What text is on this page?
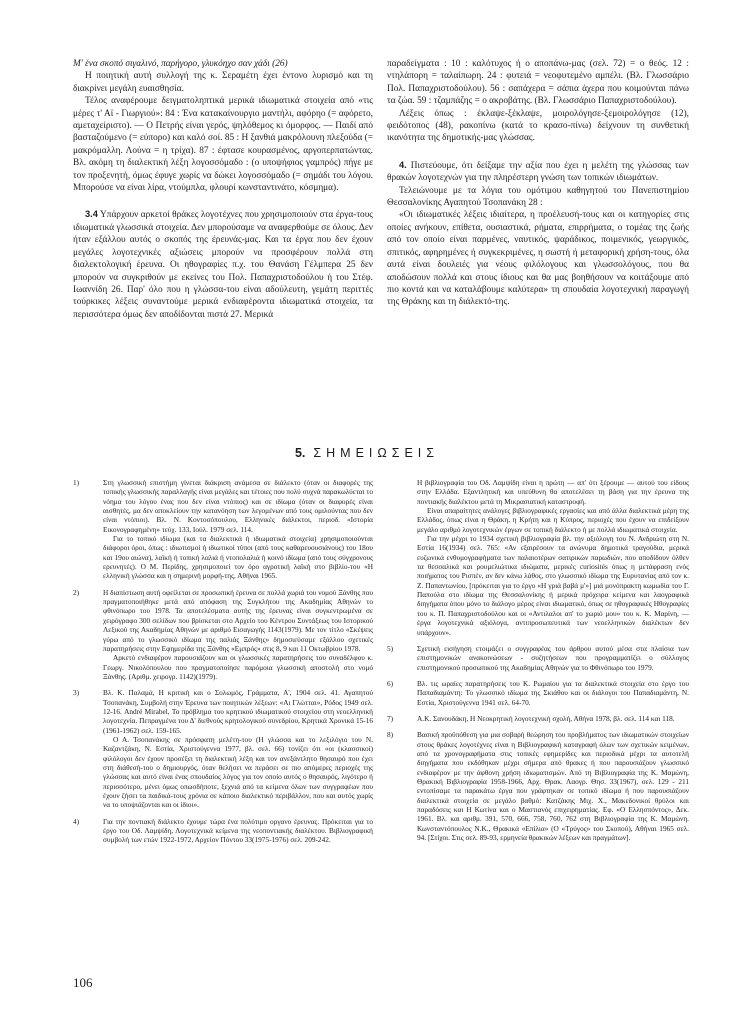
Μ' ένα σκοπό σιγαλινό, παρήγορο, γλυκόηχο σαν χάδι (26)

Η ποιητική αυτή συλλογή της κ. Σεραμέτη έχει έντονο λυρισμό και τη διακρίνει μεγάλη ευαισθησία.

Τέλος αναφέρουμε δειγματοληπτικά μερικά ιδιωματικά στοιχεία από «τις μέρες τ' Αϊ - Γιωργιού»: 84 : Ένα κατακαίνουργιο μαντήλι, αφόρηο (= αφόρετο, αμεταχείριστο). — Ο Πετρής είναι γερός, ψηλόθεμος κι όμορφος. — Παιδί από βασταζούμενο (= εύπορο) και καλό σοί. 85 : Η ξανθιά μακρόλουνη πλεξούδα (= μακρόμαλλη. Λούνα = η τρίχα). 87 : έφτασε κουρασμένος, αργοπερπατώντας. Βλ. ακόμη τη διαλεκτική λέξη λογοσσόμαδο : (ο υποψήφιος γαμπρός) πήγε με τον προξενητή, όμως έφυγε χωρίς να δώκει λογοσσόμαδο (= σημάδι του λόγου. Μπορούσε να είναι λίρα, ντούμπλα, φλουρί κωνσταντινάτο, κόσμημα).

3.4 Υπάρχουν αρκετοί θράκες λογοτέχνες που χρησιμοποιούν στα έργα-τους ιδιωματικά γλωσσικά στοιχεία. Δεν μπορούσαμε να αναφερθούμε σε όλους. Δεν ήταν εξάλλου αυτός ο σκοπός της έρευνάς-μας. Και τα έργα που δεν έχουν μεγάλες λογοτεχνικές αξιώσεις μπορούν να προσφέρουν πολλά στη διαλεκτολογική έρευνα. Οι ηθογραφίες π.χ. του Θανάση Γέλμπερα 25 δεν μπορούν να συγκριθούν με εκείνες του Πολ. Παπαχριστοδούλου ή του Στέφ. Ιωαννίδη 26. Παρ' όλο που η γλώσσα-του είναι αδούλευτη, γεμάτη περιττές τούρκικες λέξεις συναντούμε μερικά ενδιαφέροντα ιδιωματικά στοιχεία, τα περισσότερα όμως δεν αποδίδονται πιστά 27. Μερικά

παραδείγματα : 10 : καλότυχος ή ο αποπάνω-μας (σελ. 72) = ο θεός. 12 : ντηλάπορη = ταλαίπωρη. 24 : φυτειά = νεοφυτεμένο αμπέλι. (Βλ. Γλωσσάριο Πολ. Παπαχριστοδούλου). 56 : σαπάχερα = σάπια άχερα που κοιμούνται πάνω τα ζώα. 59 : τζαμπάζης = ο ακροβάτης. (Βλ. Γλωσσάριο Παπαχριστοδούλου).

Λέξεις όπως : έκλαψε-ξέκλαψε, μοιρολόγησε-ξεμοιρολόγησε (12), φειδότοπος (48), ρακοπίνω (κατά το κρασο-πίνω) δείχνουν τη συνθετική ικανότητα της δημοτικής-μας γλώσσας.

4. Πιστεύουμε, ότι δείξαμε την αξία που έχει η μελέτη της γλώσσας των θρακών λογοτεχνών για την πληρέστερη γνώση των τοπικών ιδιωμάτων.

Τελειώνουμε με τα λόγια του ομότιμου καθηγητού του Πανεπιστημίου Θεσσαλονίκης Αγαπητού Τσοπανάκη 28 :

«Οι ιδιωματικές λέξεις ιδιαίτερα, η προέλευσή-τους και οι κατηγορίες στις οποίες ανήκουν, επίθετα, ουσιαστικά, ρήματα, επιρρήματα, ο τομέας της ζωής από τον οποίο είναι παρμένες, ναυτικός, ψαράδικος, ποιμενικός, γεωργικός, σπιτικός, αφηρημένες ή συγκεκριμένες, η σωστή ή μεταφορική χρήση-τους, όλα αυτά είναι δουλειές για νέους φιλόλογους και γλωσσολόγους, που θα αποδώσουν πολλά και στους ίδιους και θα μας βοηθήσουν να κοιτάξουμε από πιο κοντά και να καταλάβουμε καλύτερα» τη σπουδαία λογοτεχνική παραγωγή της Θράκης και τη διάλεκτό-της.

5. ΣΗΜΕΙΩΣΕΙΣ
1)	Στη γλωσσική επιστήμη γίνεται διάκριση ανάμεσα σε διάλεκτο (όταν οι διαφορές της τοπικής γλωσσικής παραλλαγής είναι μεγάλες και τέτοιες που πολύ συχνά παρακωλύεται το νόημα του λόγου ένας που δεν είναι ντόπιος) και σε ιδίωμα (όταν οι διαφορές είναι αισθητές, μα δεν αποκλείουν την κατανόηση των λεγομένων από τους ομιλούντας που δεν είναι ντόπιοι). Βλ. Ν. Κοντοσόπουλου, Ελληνικές διάλεκτοι, περιοδ. «Ιστορία Εικονογραφημένη» τεύχ. 133, Ιούλ. 1979 σελ. 114.

Για το τοπικό ιδίωμα (και τα διαλεκτικά ή ιδιωματικά στοιχεία) χρησιμοποιούνται διάφοροι όροι, όπως : ιδιωτισμοί ή ιδιωτικοί τύποι (από τους καθαρευουσιάνους) του 18ου και 19ου αιώνα), λαϊκή ή τοπική λαλιά ή ντοπολαλιά ή κοινό ιδίωμα (από τους σύγχρονους ερευνητές). Ο Μ. Περίδης, χρησιμοποιεί τον όρο αγροτική λαϊκή στο βιβλίο-του «Η ελληνική γλώσσα και η σημερινή μορφή-της, Αθήναι 1965.

2)	Η διαπίστωση αυτή οφείλεται σε προσωπική έρευνα σε πολλά χωριά του νομού Ξάνθης που πραγματοποιήθηκε μετά από απόφαση της Συγκλήτου της Ακαδημίας Αθηνών το φθινόπωρο του 1978. Τα αποτελέσματα αυτής της έρευνας είναι συγκεντρωμένα σε χειρόγραφο 300 σελίδων που βρίσκεται στο Αρχείο του Κέντρου Συντάξεως του Ιστορικού Λεξικού της Ακαδημίας Αθηνών με αριθμό Εισαγωγής 1143(1979). Με τον τίτλο «Σκέψεις γύρω από το γλωσσικό ιδίωμα της παλιάς Ξάνθης» δημοσιεύσαμε εξάλλου σχετικές παρατηρήσεις στην Εφημερίδα της Ξάνθης «Εμπρός» στις 8, 9 και 11 Οκτωβρίου 1978.

Αρκετό ενδιαφέρον παρουσιάζουν και οι γλωσσικές παρατηρήσεις του συναδέλφου κ. Γεωργ. Νικολόπουλου που πραγματοποίησε παρόμοια γλωσσική αποστολή στο νομό Ξάνθης. (Αριθμ. χειρογρ. 1142)(1979).

3)	Βλ. Κ. Παλαμά, Η κριτική και ο Σολωμός, Γράμματα, Α', 1904 σελ. 41. Αγαπητού Τσοπανάκη, Συμβολή στην Έρευνα των ποιητικών λέξεων: «Αι Γλώτται», Ρόδος 1949 σελ. 12-16. André Mirabel, Το πρόβλημα του κρητικού ιδιωματικού στοιχείου στη νεοελληνική λογοτεχνία. Πεπραγμένα του Δ' διεθνούς κρητολογικού συνεδρίου, Κρητικά Χρονικά 15-16 (1961-1962) σελ. 159-165.

Ο Α. Τσοπανάκης σε πρόσφατη μελέτη-του (Η γλώσσα και το λεξιλόγιο του Ν. Καζαντζάκη, Ν. Εστία, Χριστούγεννα 1977, βλ. σελ. 66) τονίζει ότι «οι (κλασσικοί) φιλόλογοι δεν έχουν προσέξει τη διαλεκτική λέξη και τον ανεξάντλητο θησαυρό που έχει στη διάθεσή-του ο δημιουργός, όταν θελήσει να περάσει σε πιο απόμερες περιοχές της γλώσσας και αυτό είναι ένας σπουδαίος λόγος για τον οποίο αυτός ο θησαυρός, λιγότερο ή περισσότερο, μένει όμως οπωσδήποτε, ξεχνιά από τα κείμενα όλων των συγγραφέων που έχουν ζήσει τα παιδικά-τους χρόνια σε κάποιο διαλεκτικό περιβάλλον, που και αυτός χωρίς να το υποψιάζονται και οι ίδιοι».

4)	Για την ποντιακή διάλεκτο έχουμε τώρα ένα πολύτιμο οργανο έρευνας. Πρόκειται για το έργο του Οδ. Λαμψίδη, Λογοτεχνικά κείμενα της νεοποντιακής διαλέκτου. Βιβλιογραφική συμβολή των ετών 1922-1972, Αρχείον Πόντου 33(1975-1976) σελ. 209-242.

Η βιβλιογραφία του Οδ. Λαμψίδη είναι η πρώτη — απ' ότι ξέρουμε — αυτού του είδους στην Ελλάδα. Εξαντλητική και υπεύθυνη θα αποτελέσει τη βάση για την έρευνα της ποντιακής διαλέκτου μετά τη Μικρασιατική καταστροφή.

Είναι απαραίτητες ανάλογες βιβλιογραφικές εργασίες και από άλλα διαλεκτικά μέρη της Ελλάδος, όπως είναι η Θράκη, η Κρήτη και η Κύπρος, περιοχές που έχουν να επιδείξουν μεγάλο αριθμό λογοτεχνικών έργων σε τοπική διάλεκτο ή με πολλά ιδιωματικά στοιχεία.

Για την μέχρι το 1934 σχετική βιβλιογραφία βλ. την αξιόλογη του Ν. Ανδριώτη στη Ν. Εστία 16(1934) σελ. 765: «Αν εξαιρέσουν τα ανώνυμα δημοτικά τραγούδια, μερικά ευζωνικά ενθυμογραφήματα των παλαιοτέρων σατιρικών παρωδιών, που αποδίδουν όλθεν τα θεσσαλικά και ρουμελιώτικα ιδιώματα, μερικές curiosités όπως η μετάφραση ενός ποιήματος του Ρισπέν, αν δεν κάνω λάθος, στο γλωσσικό ιδίωμα της Ευρυτανίας από τον κ. Ζ. Παπαντωνίου, [πρόκειται για το έργο «Η γριά βαβά μ'»] μιά μονόπρακτη κωμωδία του Γ. Παπούλα στο ιδίωμα της Θεσσαλονίκης ή μερικά πρόχειρα κείμενα και λαογραφικά διηγήματα όπου μόνο το διάλογο μέρος είναι ιδιωματικό, όπως σε ηθογραφικές Ηθογραφίες του κ. Π. Παπαχριστοδούλου και οι «Αντιλαλοι απ' το χωριό μου» του κ. Κ. Μαρίνη, — έργα λογοτεχνικά αξιόλογα, αντιπροσωπευτικά των νεοελληνικών διαλέκτων δεν υπάρχουν».

5)	Σχετική εισήγηση ετοιμάζει ο συγγραφέας του άρθρου αυτού μέσα στα πλαίσια των επιστημονικών ανακοινώσεων - συζητήσεων που προγραμματίζει ο σύλλογος επιστημονικού προσωπικού της Ακαδημίας Αθηνών για το Φθινόπωρο του 1979.

6)	Βλ. τις ωραίες παρατηρήσεις του Κ. Ρωμαίου για τα διαλεκτικά στοιχεία στο έργο του Παπαδιαμάντη: Το γλωσσικό ιδίωμα της Σκιάθου και οι διάλογοι του Παπαδιαμάντη, Ν. Εστία, Χριστούγεννα 1941 σελ. 64-70.

7)	Α.Κ. Σανουδάκη, Η Νεοκρητική λογοτεχνική σχολή, Αθήνα 1978, βλ. σελ. 114 και 118.

8)	Βασική προϋπόθεση για μια σοβαρή θεώρηση του προβλήματος των ιδιωματικών στοιχείων στους θράκες λογοτέχνες είναι η Βιβλιογραφική καταγραφή όλων των σχετικών κειμένων, από τα χρονογραφήματα στις τοπικές εφημερίδες και περιοδικά μέχρι τα αυτοτελή διηγήματα που εκδόθηκαν μέχρι σήμερα από θρακες ή που παρουσιάζουν γλωσσικό ενδιαφέρον με την άφθονη χρήση ιδιωματισμών. Από τη Βιβλιογραφία της Κ. Μαμώνη, Θρακική Βιβλιογραφία 1958-1966, Αρχ. Θρακ. Λαογρ. Θησ. 33(1967), σελ. 129 - 211 εντοπίσαμε τα παρακάτω έργα που γράφτηκαν σε τοπικό ιδίωμα ή που παρουσιάζουν διαλεκτικά στοιχεία σε μεγάλο βαθμό: Κατζάκης Μιχ. Χ., Μακεδονικοί θρύλοι και παραδόσεις και Η Κωτίνα και ο Μαστιανός επιχειρηματίας. Εφ. «Ο Ελλησπόντος», Δεκ. 1961. Βλ. και αριθμ. 391, 570, 666, 758, 760, 762 στη Βιβλιογραφία της Κ. Μαμώνη. Κωνσταντόπουλος Ν.Κ., Θρακικά «Επίλια» (Ο «Τρύγος» του Σκοπού), Αθήναι 1965 σελ. 94. [Στίχοι. Στις σελ. 89-93, ερμηνεία θρακικών λέξεων και πραγμάτων].

106
